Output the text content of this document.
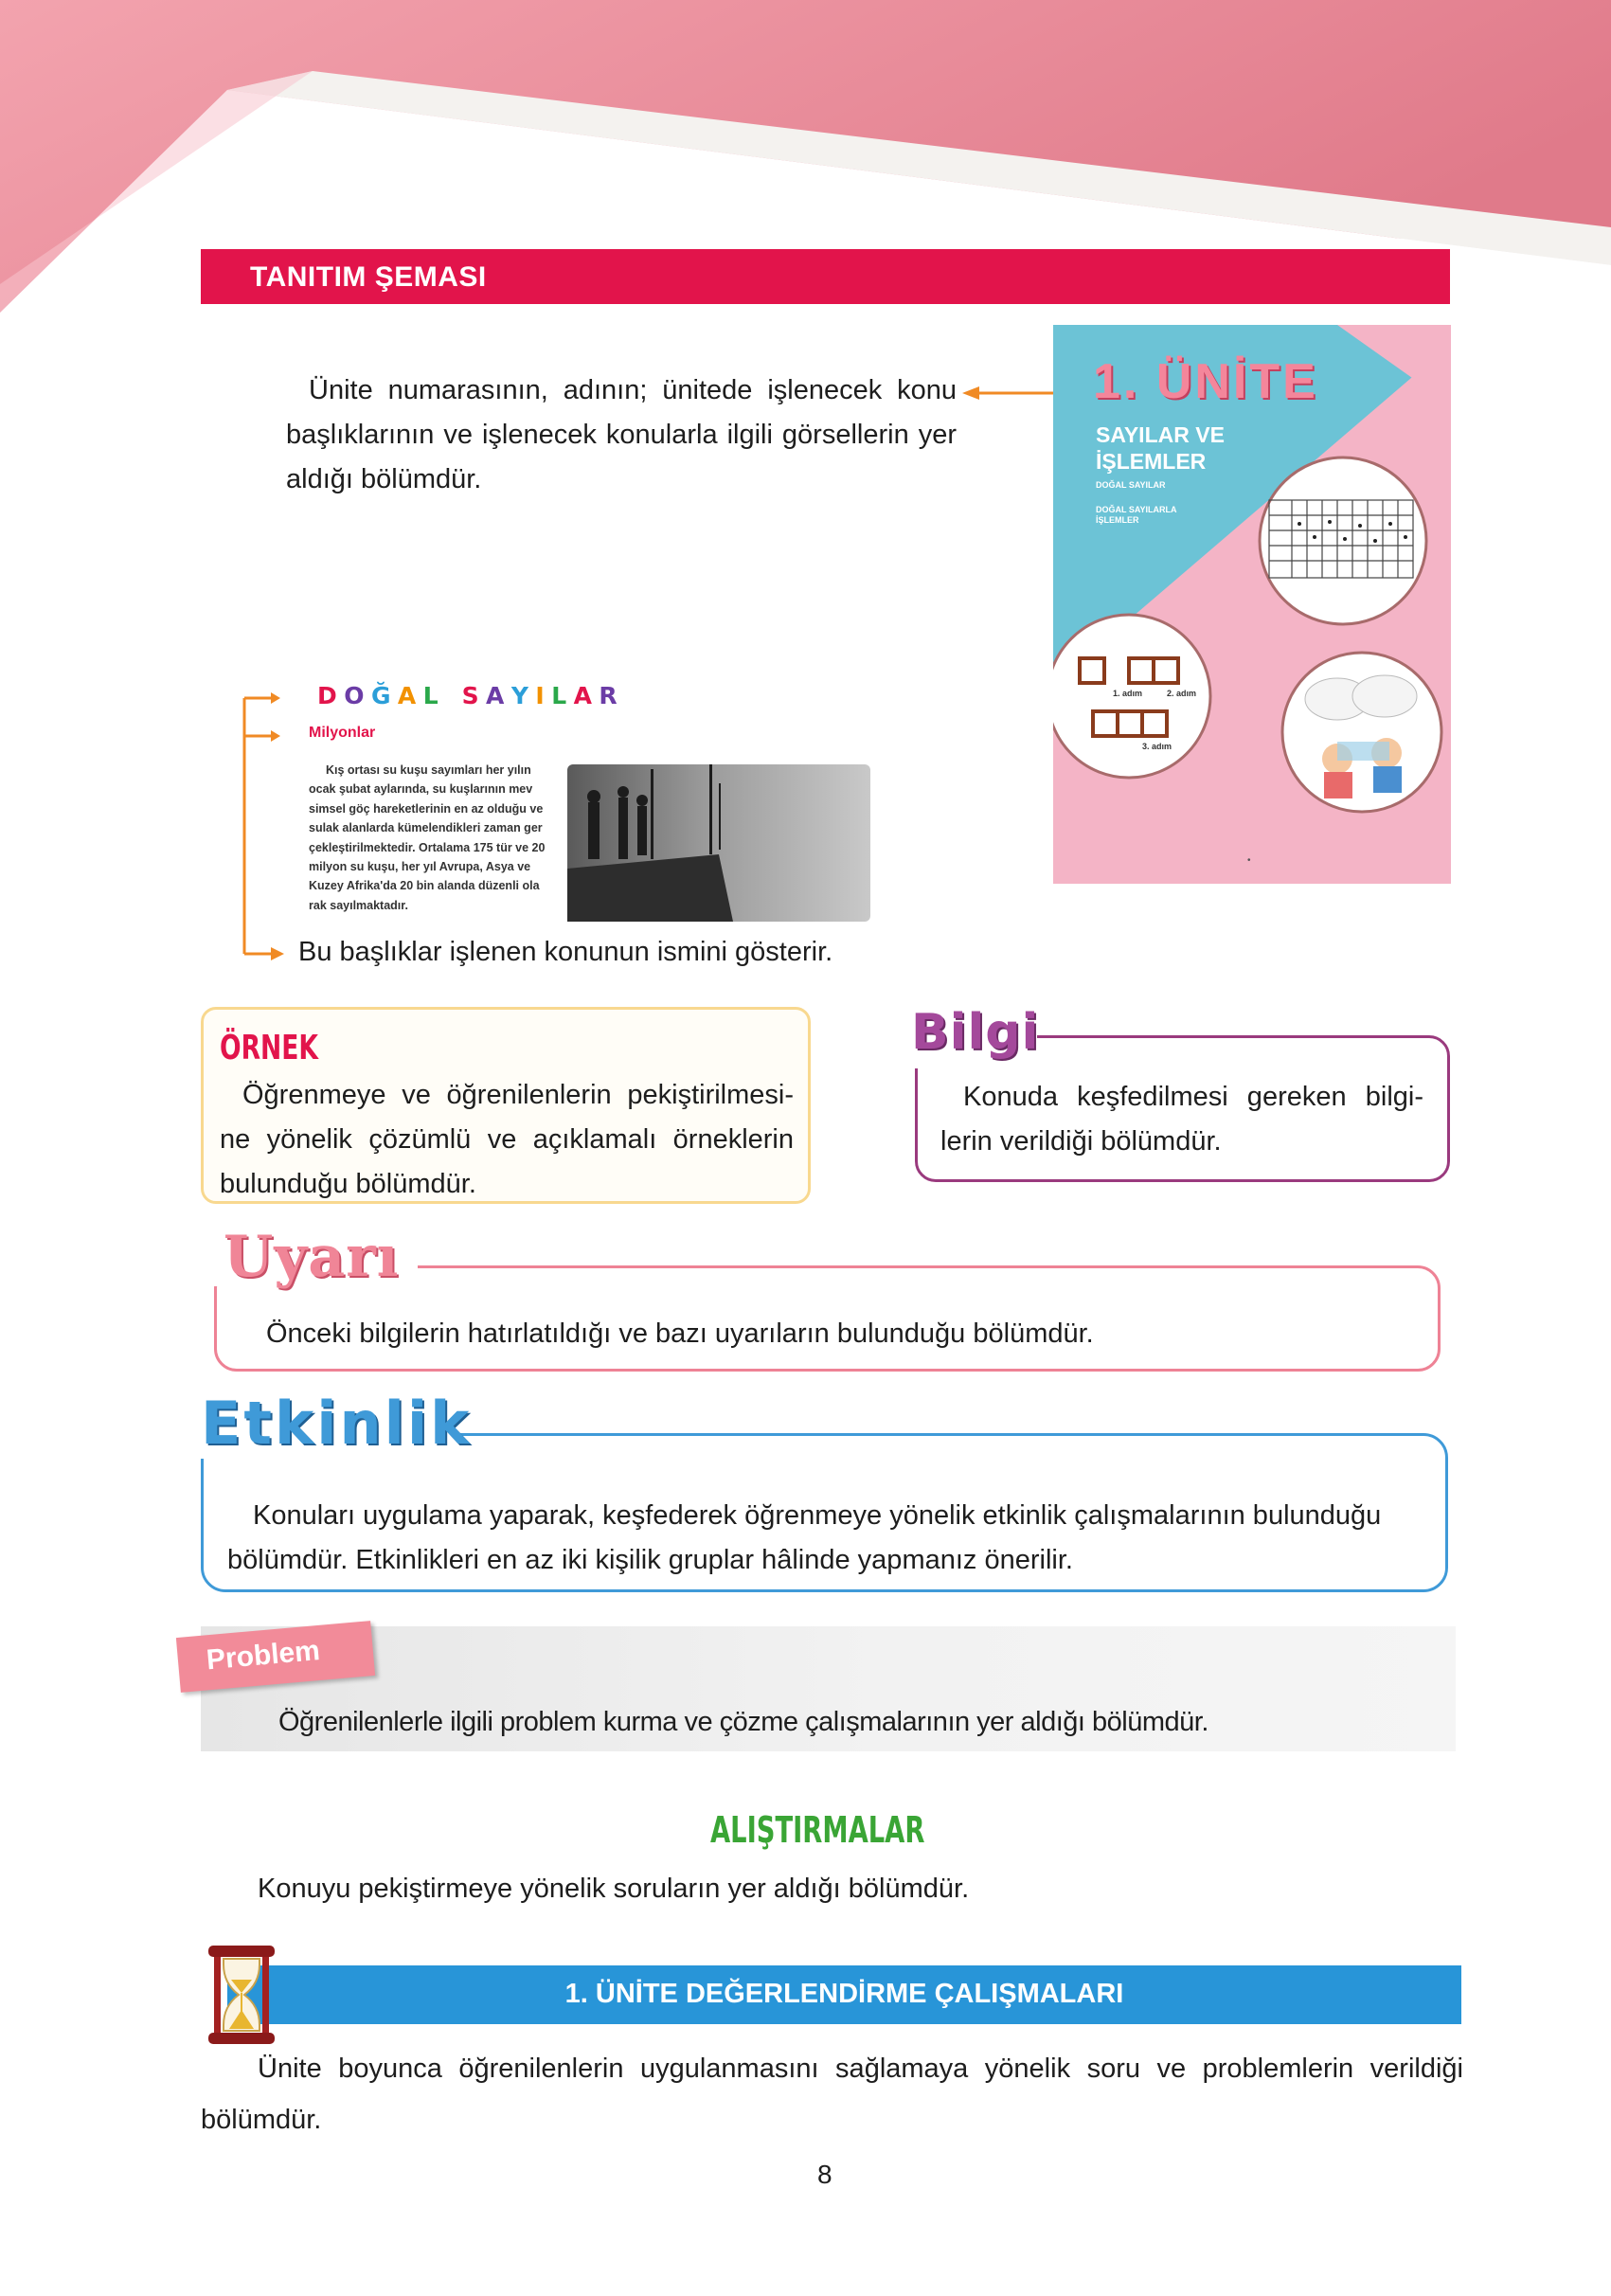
TANITIM ŞEMASI
Ünite numarasının, adının; ünitede işlenecek konu başlıklarının ve işlenecek konularla ilgili görsellerin yer aldığı bölümdür.
1. ÜNİTE
SAYILAR VE İŞLEMLER
DOĞAL SAYILAR
DOĞAL SAYILARLA İŞLEMLER
1. adım	2. adım
3. adım
•
D O Ğ A L S A Y I L A R
Milyonlar
Kış ortası su kuşu sayımları her yılın
ocak şubat aylarında, su kuşlarının mev
simsel göç hareketlerinin en az olduğu ve
sulak alanlarda kümelendikleri zaman ger
çekleştirilmektedir. Ortalama 175 tür ve 20
milyon su kuşu, her yıl Avrupa, Asya ve
Kuzey Afrika'da 20 bin alanda düzenli ola
rak sayılmaktadır.
Bu başlıklar işlenen konunun ismini gösterir.
ÖRNEK
Öğrenmeye ve öğrenilenlerin pekiştirilmesi-
ne yönelik çözümlü ve açıklamalı örneklerin
bulunduğu bölümdür.
Bilgi
Konuda keşfedilmesi gereken bilgi-
lerin verildiği bölümdür.
Uyarı
Önceki bilgilerin hatırlatıldığı ve bazı uyarıların bulunduğu bölümdür.
Etkinlik
Konuları uygulama yaparak, keşfederek öğrenmeye yönelik etkinlik çalışmalarının bulunduğu
bölümdür. Etkinlikleri en az iki kişilik gruplar hâlinde yapmanız önerilir.
Problem
Öğrenilenlerle ilgili problem kurma ve çözme çalışmalarının yer aldığı bölümdür.
ALIŞTIRMALAR
Konuyu pekiştirmeye yönelik soruların yer aldığı bölümdür.
1. ÜNİTE DEĞERLENDİRME ÇALIŞMALARI
Ünite boyunca öğrenilenlerin uygulanmasını sağlamaya yönelik soru ve problemlerin verildiği
bölümdür.
8
